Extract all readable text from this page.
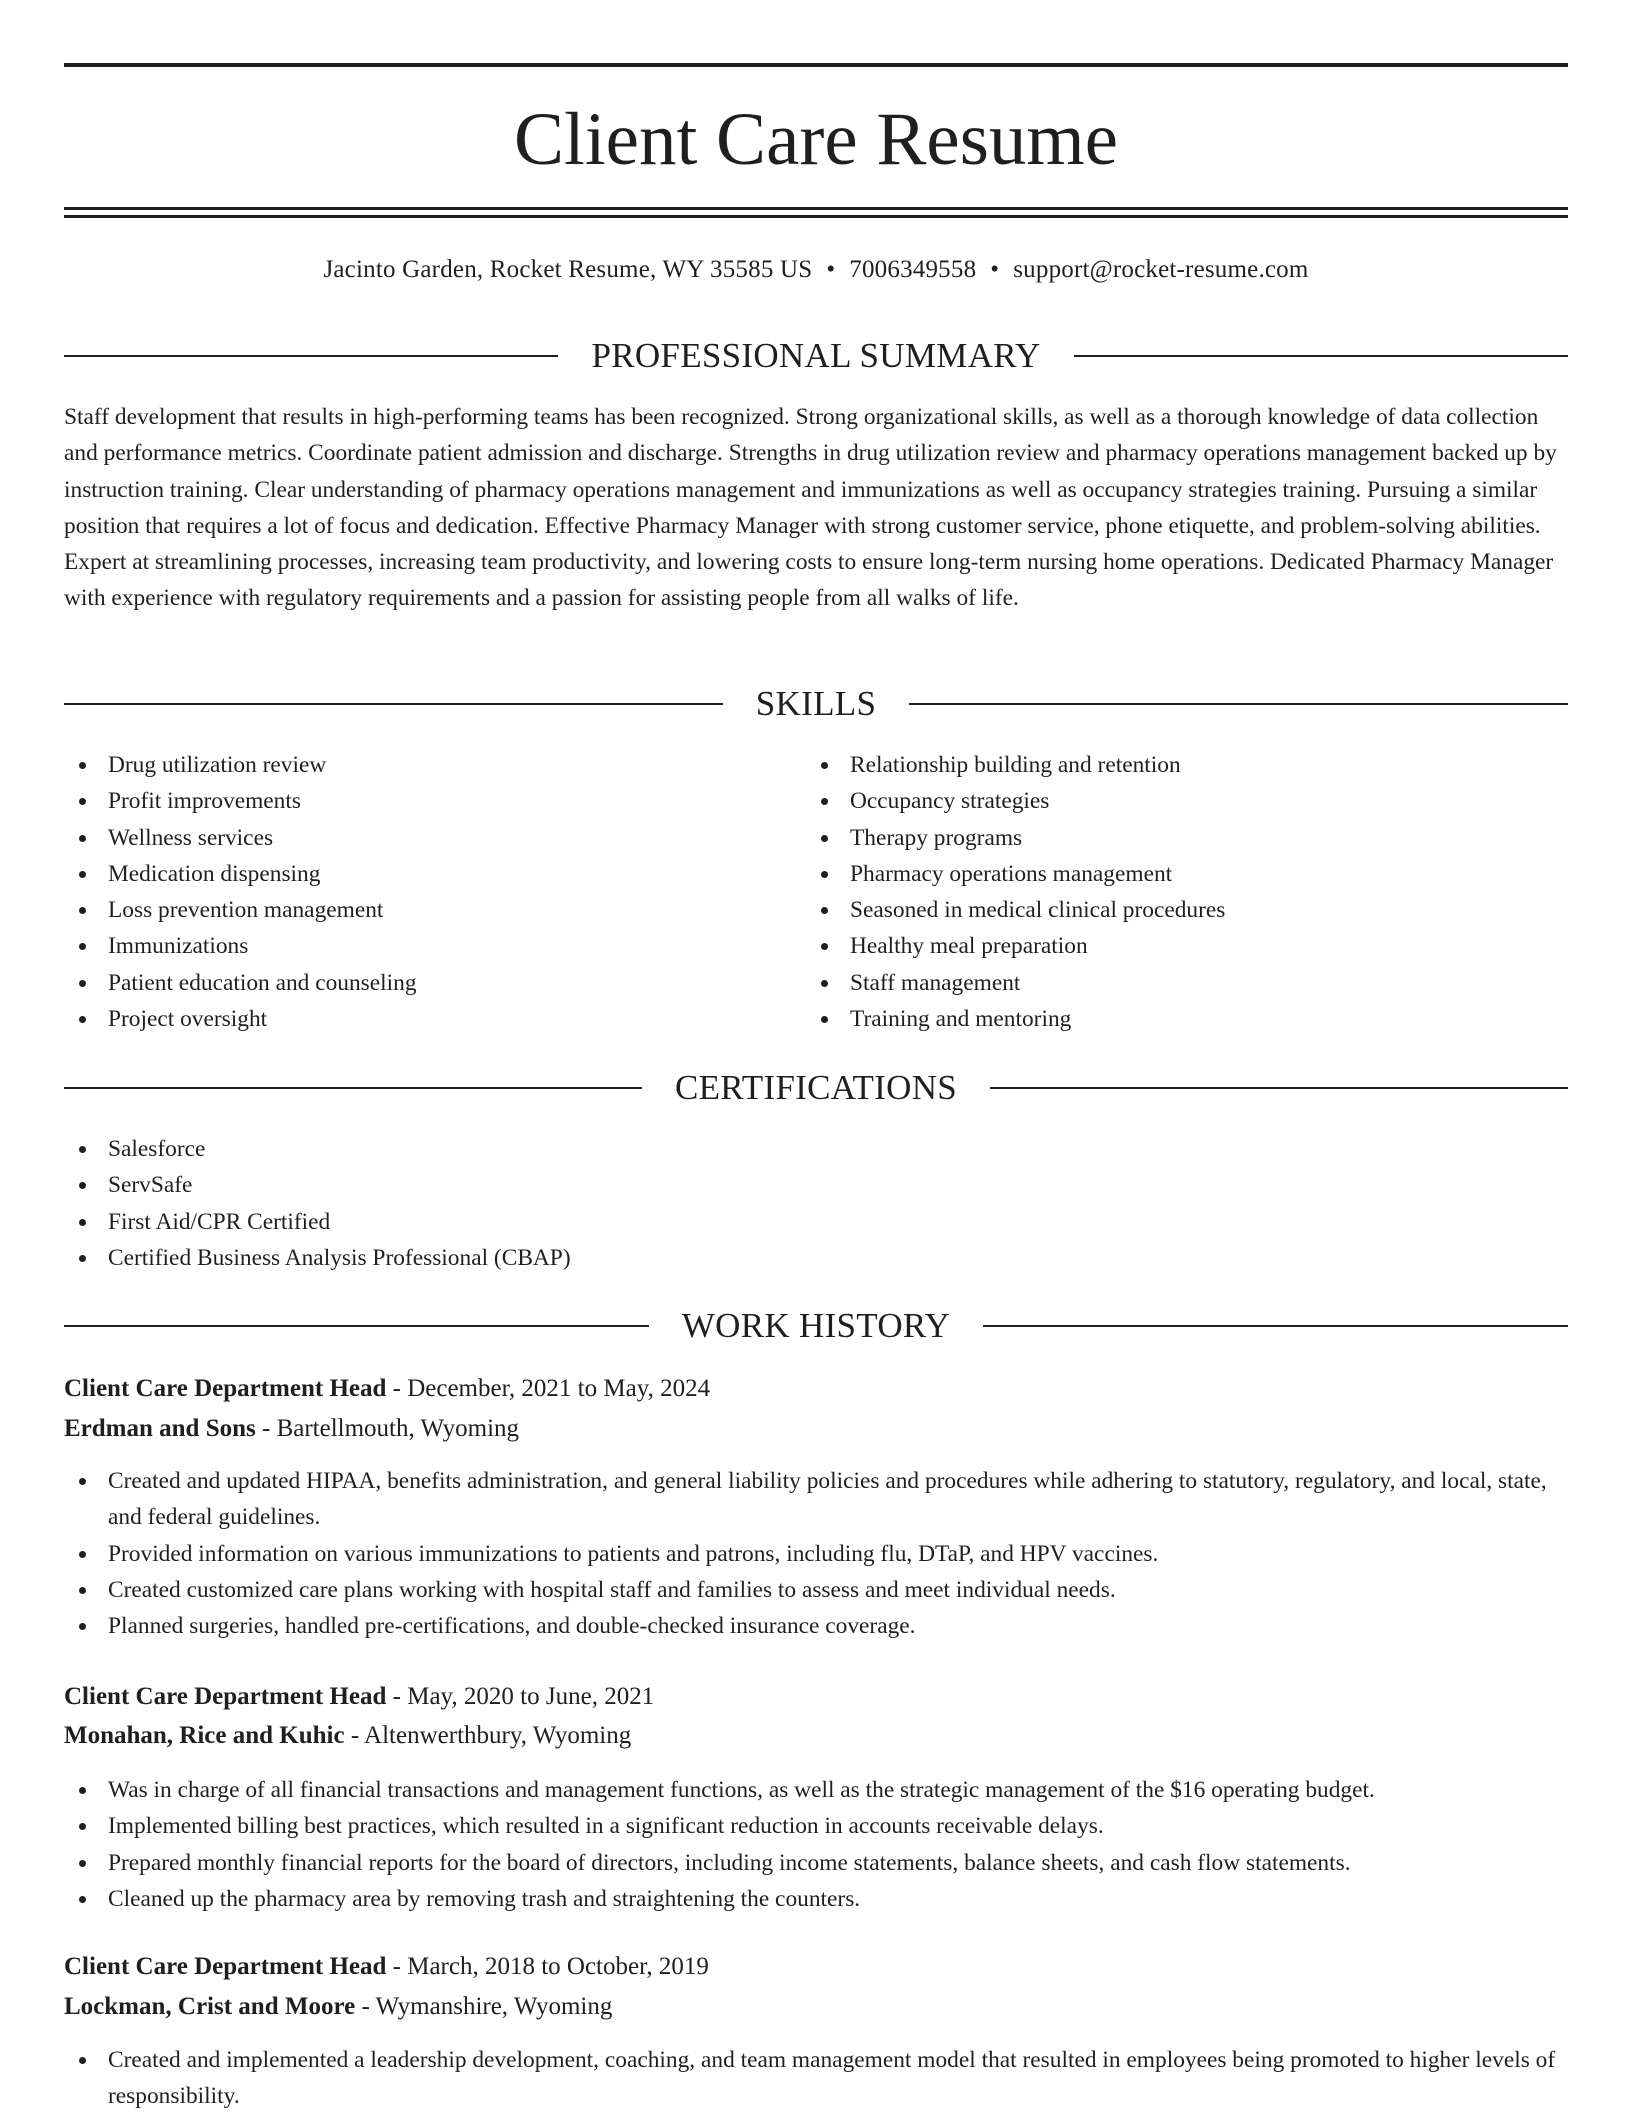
Client Care Resume
Jacinto Garden, Rocket Resume, WY 35585 US • 7006349558 • support@rocket-resume.com
PROFESSIONAL SUMMARY

Staff development that results in high-performing teams has been recognized. Strong organizational skills, as well as a thorough knowledge of data collection and performance metrics. Coordinate patient admission and discharge. Strengths in drug utilization review and pharmacy operations management backed up by instruction training. Clear understanding of pharmacy operations management and immunizations as well as occupancy strategies training. Pursuing a similar position that requires a lot of focus and dedication. Effective Pharmacy Manager with strong customer service, phone etiquette, and problem-solving abilities. Expert at streamlining processes, increasing team productivity, and lowering costs to ensure long-term nursing home operations. Dedicated Pharmacy Manager with experience with regulatory requirements and a passion for assisting people from all walks of life.

SKILLS
Drug utilization review
Profit improvements
Wellness services
Medication dispensing
Loss prevention management
Immunizations
Patient education and counseling
Project oversight
Relationship building and retention
Occupancy strategies
Therapy programs
Pharmacy operations management
Seasoned in medical clinical procedures
Healthy meal preparation
Staff management
Training and mentoring
CERTIFICATIONS
Salesforce
ServSafe
First Aid/CPR Certified
Certified Business Analysis Professional (CBAP)
WORK HISTORY
Client Care Department Head - December, 2021 to May, 2024
Erdman and Sons - Bartellmouth, Wyoming
Created and updated HIPAA, benefits administration, and general liability policies and procedures while adhering to statutory, regulatory, and local, state, and federal guidelines.
Provided information on various immunizations to patients and patrons, including flu, DTaP, and HPV vaccines.
Created customized care plans working with hospital staff and families to assess and meet individual needs.
Planned surgeries, handled pre-certifications, and double-checked insurance coverage.
Client Care Department Head - May, 2020 to June, 2021
Monahan, Rice and Kuhic - Altenwerthbury, Wyoming
Was in charge of all financial transactions and management functions, as well as the strategic management of the $16 operating budget.
Implemented billing best practices, which resulted in a significant reduction in accounts receivable delays.
Prepared monthly financial reports for the board of directors, including income statements, balance sheets, and cash flow statements.
Cleaned up the pharmacy area by removing trash and straightening the counters.
Client Care Department Head - March, 2018 to October, 2019
Lockman, Crist and Moore - Wymanshire, Wyoming
Created and implemented a leadership development, coaching, and team management model that resulted in employees being promoted to higher levels of responsibility.
